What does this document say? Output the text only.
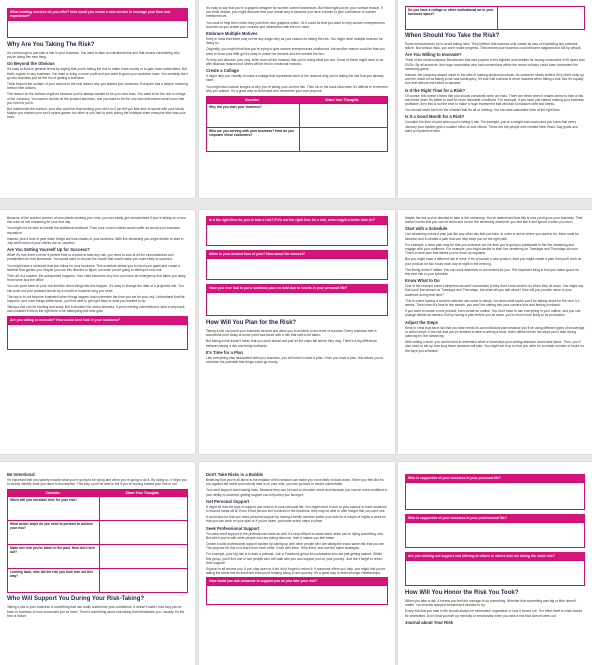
What existing services do you offer? How could you create a new service to leverage your time and experience?
Why Are You Taking The Risk?
It's not enough to just take a risk in your business. You want to take an intentional risk and that means considering why you're doing this new thing.
Go Beyond the Obvious
It's easy to think in general terms by saying that you're taking the risk to make more money or to gain more subscribers. But that's a given in any business. You want to bring in more profit and you want to grow your customer base. You certainly don't go into business just for the fun of getting a business.
Think beyond the surface of your actions to the real reason why you started your business. Everyone has a deeper meaning behind their actions.
The reason on the surface might be because you've always wanted to be your own boss. You want to be the one in charge of the company. You want to decide on the product launches, and you want to be the one who determines what hours that you need to put in.
But underneath the surface, your why could be that working your old 9-to-5 job left you little time to spend with your family. Maybe you missed your son's sports games too often or you had to work during the holidays when everyone else was your boss.
It's easy to say that you're a graphic designer for women owned businesses. But that might just be your surface reason. If you think deeper, you might discover that your actual why is because you have a desire to give confidence to women entrepreneurs.
You want to help them when they post their own graphics online. Or it could be that you want to help women entrepreneurs succeed so you create your courses and information with them in mind.
Embrace Multiple Motives
Keep in mind that there may not be any single why as your reason for taking the risk. You might have multiple reasons for doing so.
Originally, you might think that you're trying to give women entrepreneurs confidence, but another reason could be that you want to show your little girl it's okay to chase her dreams and live outside the box.
To help you discover your why, write down all the reasons that you're doing what you are. Some of these might have to do with financial reasons but others will be tied to emotional reasons.
Create a Collage
It might help you visually to make a collage that represents each of the reasons why you're taking the risk that you already have.
You might also include images of why you're taking your current risk. Then sit on the back idea when it's difficult to remember why you started. It's a great way to build back and remember your true purpose.
Consider	Share Your Thoughts
Why did you start your business?
Who are you serving with your business? How do you empower these customers?
Do you have a collage or other motivational art in your business space?
When Should You Take the Risk?
Some entrepreneurs try to avoid taking risks. They believe that success only comes by way of expanding any potential failure. But without risks, you won't make progress. That means your business could become stagnant and fail by default.
Are You Willing to Innovate?
Think of the rental company Blockbuster that was popular in the eighties and nineties for buying consumers VHS tapes and DVDs. By all accounts, this huge corporation who had connections within the movie industry could have dominated the streaming game.
Instead, the company stayed mired in the idea of loaning physical products. As customer needs shifted, they didn't keep up and the result of not taking a risk was bankruptcy. It's true that success is never assured when taking a risk. But it's equally true that without risk failure is assured.
Is It the Right Time for a Risk?
Of course, this doesn't mean that you should constantly seek out risks. There are times when it makes sense to take a risk and times when it's better to wait for more favorable conditions. For example, if you have just started making your business profitable, then this is not the time to make a huge investment that will lead to massive debt and stress.
You should never feel into the mindset that it's all or nothing. You can take calculated risks at the right time.
Is It a Good Month for a Risk?
Consider the time of year when you're taking a risk. For example, you're a weight loss coach and you know that every January your system gets a sudden influx of new clients. These are the people who created New Years' Day goals and want to implement them.
Because of the sudden number of new clients seeking your help, you can easily get overwhelmed if you're taking on a new risk such as live streaming for your first day.
You might not be able to handle the additional workload. Then your current clients would suffer as would your business reputation.
Instead, pick a time of year when things are less chaotic in your business. With live streaming you might decide to start in July when most of your clients are on vacation.
Are You Setting Yourself Up for Success?
While it's true there's never a perfect time to choose to take any risk, you need to look at all the circumstances and probabilities for that timeframe. You would want to choose the month that would make you more likely to succeed.
You might have a schedule that you follow for your business. This schedule allows you to input your goals and create a timeline that guides you. Maybe you use this timeline to figure out when you're going to attempt a new risk.
Then all of a sudden, the unexpected happens. Your child becomes very ill or you have an emergency that takes you away from home and the office.
You can push back on your risk timeline when things like this happen. It's okay to change the date of a projected risk. You can push out your podcast launch by a month or however long you need.
The key is to not become frustrated when things happen that undermine the time you set for your risk. Understand that life happens, and once things settle down, you'll be able to get right back to what you wanted to do.
Taking a risk can be exciting and scary. But it shouldn't be overly stressful. If you're feeling overwhelmed, take a step back and consider if this is the right time to be attempting this new goal.
Are you willing to innovate? How would best look in your business?
Is it the right time for you to take a risk? If it's not the right time for a risk, when might a better time be?
When is your busiest time of year? How about the slowest?
Have you ever had to put a business plan on hold due to events in your personal life?
How Will You Plan for the Risk?
Taking a risk can push your business forward and allow you to achieve a new level of success. Every business that is successful here today at some point was faced with a risk that had to be taken.
But taking a risk doesn't mean that you push ahead and just let the chips fall where they may. There's a big difference between taking a risk and being foolhardy.
It's Time for a Plan
Like everything else associated with your business, you will need to have a plan. Once you have a plan, this allows you to minimize the potential that things could go wrong.
Maybe the risk you've decided to take is live streaming. You've determined that this is how you'll grow your business. That doesn't mean that you can sit down and do the live streaming whenever you feel like it and ignore it when you don't.
Start with a Schedule
Live streaming needs a plan just like any other risk that you take. In order to arrive where you want to be, there must be direction and it creates a path that can help keep you on the right path.
For example, a clear plan may be that you schedule out the time you're going to participate in the live streaming and engage with your audience. For example, you might decide to start live streaming on Tuesdays and Thursdays at noon. That's a clear plan that allows you to show up regularly.
But you might have a different risk in mind. If it's to launch a new product, then you might create a plan that you'll work on your product for two hours each day at night in the evening.
The timing doesn't matter. You can work whenever is convenient for you. The important thing is that you make space for this new risk in your schedule.
Know What to Do
One of the reasons some entrepreneurs aren't successful is they don't know what to do when they sit down. You might say that you'll live stream on Tuesdays and Thursdays, but what will you talk about? How will you provide value to your audience during that time?
This is where having a content calendar can come in handy. Jot down what topics you'll be talking about for the next 3-4 weeks. Then when it's time to live stream, you won't be staring into your camera lens and feeling confused.
If you want to create a new product, then create an outline. You don't have to use everything in your outline, and you can change details as needed. But by having a plan before you sit down, you're much more likely to be productive.
Adjust the Steps
Keep in mind that each risk that you take needs its own individual plan because you'll be using different types of knowledge or action steps. If the risk that you've decided to take is writing a book, that's different than the steps you'd take during planning for live streaming.
With writing a book, you would need to determine what or what days your writing sessions would take place. Then, you'd also need to set up how long these sessions will take. You might set it up so that you write for a certain number of hours on the days you schedule.
Be Intentional
It's important that you specify exactly what you're going to be doing and when you're going to do it. By doing so, it helps you to clearly identify what you need to accomplish. This way, you'll be able to tell if you're moving toward your risk or not.
Consider	Share Your Thoughts
When will you schedule time for your risk?
What action steps do you need to perform to achieve your risk?
Make one risk you've taken in the past. How did it turn out?
Looking back, who did the risk you took turn out this way?
Who Will Support You During Your Risk-Taking?
Taking a risk in your business is something that can really undermine your confidence. It doesn't matter how long you've been in business or how successful you've been. There's something about risk-taking that intimidates you. Usually, it's the fear of failure.
Don't Take Risks in a Bubble
Believing that you're all alone is the mistake of this session can make you more likely to back down. When you feel like it's you against the world and nobody else is on your side, you can go back to what's comfortable.
You need support when taking risks. Because they can be hard to shoulder alone and because you can be more confident in your ability to succeed, getting support can help keep you stronger.
Get Personal Support
It might be that the type of support you need is in your personal life. You might need to turn to your spouse to have someone to bounce ideas off of. Even if that person isn't involved in the business, they may be able to offer insight that you can't see.
It could also be that you need personal support by having a family member watch your kids for a couple of nights a week so that you can work on your plan or if you're alone, put some action steps in place.
Seek Professional Support
You also need support in the professional realm as well. It's very difficult to stand alone when you're trying something new. But when you're with other people who are taking risks too, then it makes you feel better.
Create a solid professional support system by pairing up with other people who are taking the exact same risk that you are. The purpose for this is to learn from each other. Grow with them. Help them, and use the same strategies.
For example, your big risk is to start a podcast. Join a Facebook group for podcasters who are just getting started. Within this group, you'll find one or two people who will walk with you and support you on your journey. Just don't forget to return their support!
Support is all around you. If you stay open to it but don't forget to return it. If someone offers you help, you might find you're taking the same risk as someone that you're helping along a new journey. It's a great way to build stronger relationships.
How could you ask someone to support you as you take your risk?
Who is supportive of your business in your personal life?
Who is supportive of your business in your professional life?
Are you seeking out support and offering to others to others who are taking the same risk?
How Will You Honor the Risk You Took?
When you take a risk, it means you feel the courage to do something. Whether that something was big or little doesn't matter. You bravely stepped forward and decided to try.
Every risk that you take in life should always be celebrated, regardless of how it turned out. The effort itself is what should be celebrated. Don't beat yourself up mentally or emotionally when you take a risk that doesn't work out.
Journal about Your Risk
